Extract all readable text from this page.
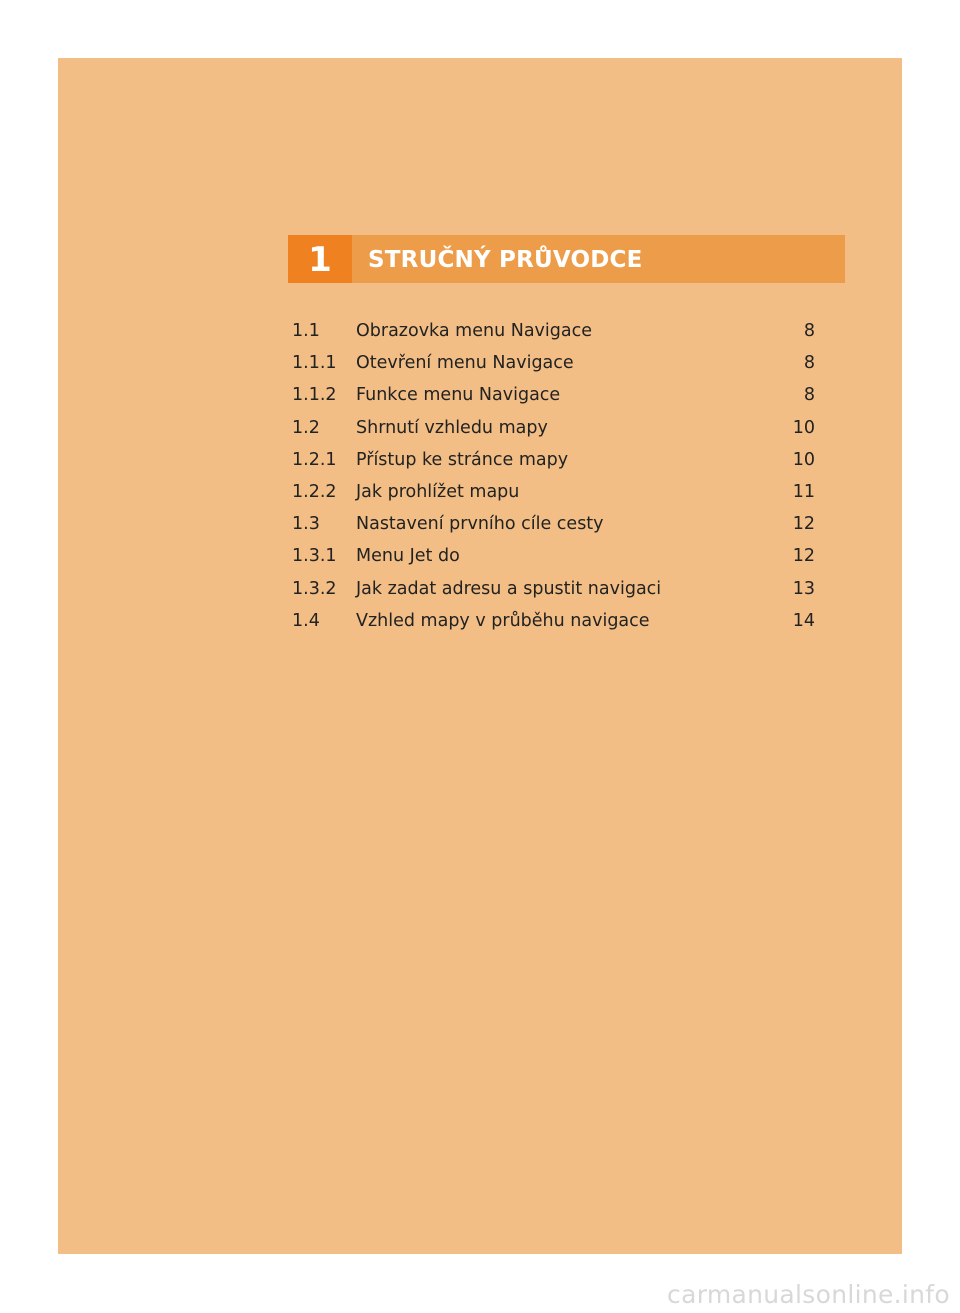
1	STRUČNÝ PRŮVODCE
1.1 Obrazovka menu Navigace	8
1.1.1 Otevření menu Navigace	8
1.1.2 Funkce menu Navigace	8
1.2 Shrnutí vzhledu mapy	10
1.2.1 Přístup ke stránce mapy	10
1.2.2 Jak prohlížet mapu	11
1.3 Nastavení prvního cíle cesty	12
1.3.1 Menu Jet do	12
1.3.2 Jak zadat adresu a spustit navigaci	13
1.4 Vzhled mapy v průběhu navigace	14
carmanualsonline.info
